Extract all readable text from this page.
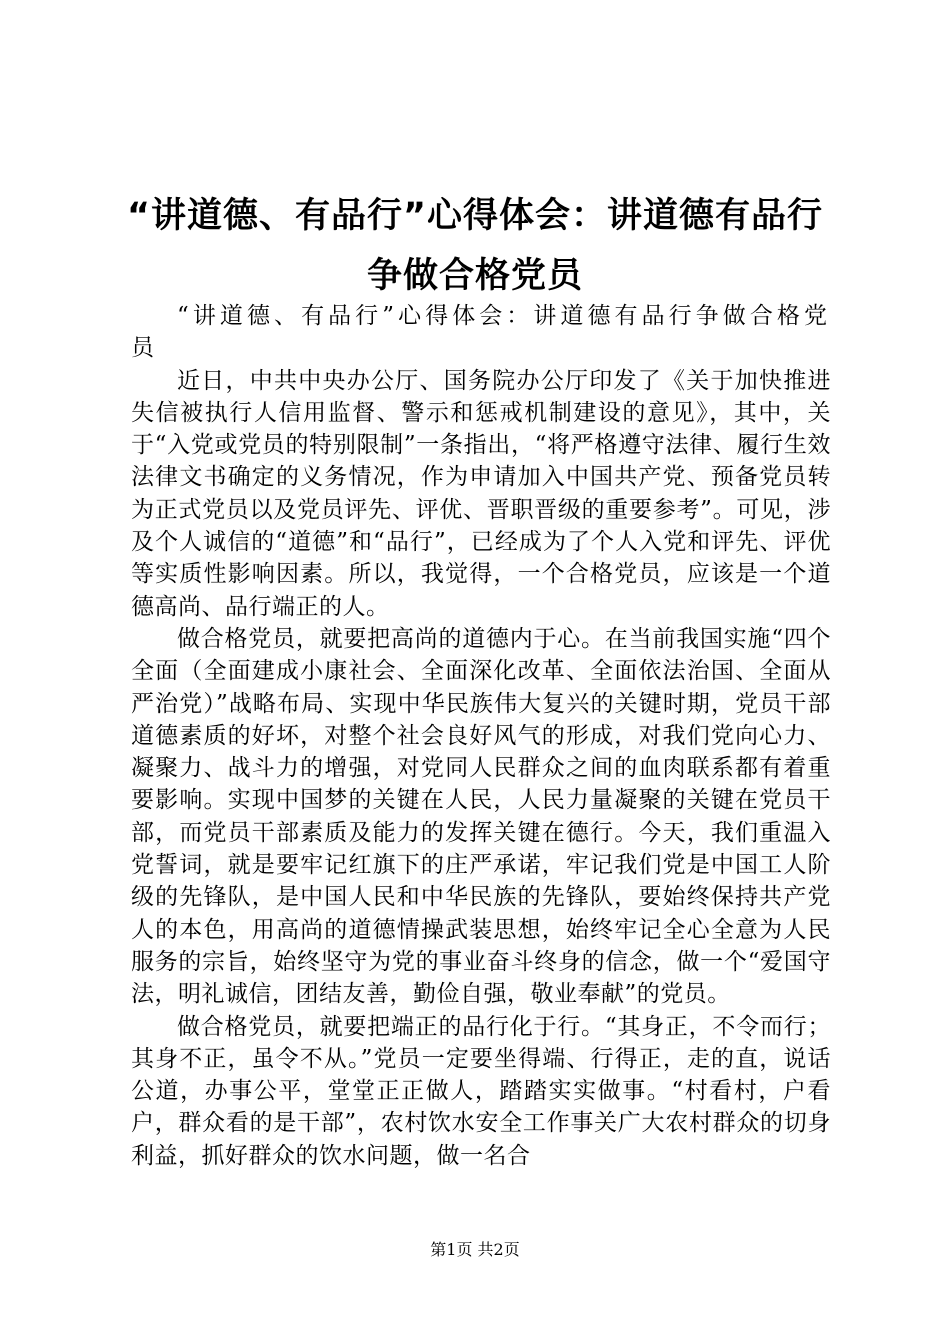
“讲道德、有品行”心得体会：讲道德有品行
争做合格党员

“讲道德、有品行”心得体会：讲道德有品行争做合格党员

近日，中共中央办公厅、国务院办公厅印发了《关于加快推进失信被执行人信用监督、警示和惩戒机制建设的意见》，其中，关于“入党或党员的特别限制”一条指出，“将严格遵守法律、履行生效法律文书确定的义务情况，作为申请加入中国共产党、预备党员转为正式党员以及党员评先、评优、晋职晋级的重要参考”。可见，涉及个人诚信的“道德”和“品行”，已经成为了个人入党和评先、评优等实质性影响因素。所以，我觉得，一个合格党员，应该是一个道德高尚、品行端正的人。

做合格党员，就要把高尚的道德内于心。在当前我国实施“四个全面（全面建成小康社会、全面深化改革、全面依法治国、全面从严治党）”战略布局、实现中华民族伟大复兴的关键时期，党员干部道德素质的好坏，对整个社会良好风气的形成，对我们党向心力、凝聚力、战斗力的增强，对党同人民群众之间的血肉联系都有着重要影响。实现中国梦的关键在人民，人民力量凝聚的关键在党员干部，而党员干部素质及能力的发挥关键在德行。今天，我们重温入党誓词，就是要牢记红旗下的庄严承诺，牢记我们党是中国工人阶级的先锋队，是中国人民和中华民族的先锋队，要始终保持共产党人的本色，用高尚的道德情操武装思想，始终牢记全心全意为人民服务的宗旨，始终坚守为党的事业奋斗终身的信念，做一个“爱国守法，明礼诚信，团结友善，勤俭自强，敬业奉献”的党员。

做合格党员，就要把端正的品行化于行。“其身正，不令而行；其身不正，虽令不从。”党员一定要坐得端、行得正，走的直，说话公道，办事公平，堂堂正正做人，踏踏实实做事。“村看村，户看户，群众看的是干部”，农村饮水安全工作事关广大农村群众的切身利益，抓好群众的饮水问题，做一名合

第1页 共2页
